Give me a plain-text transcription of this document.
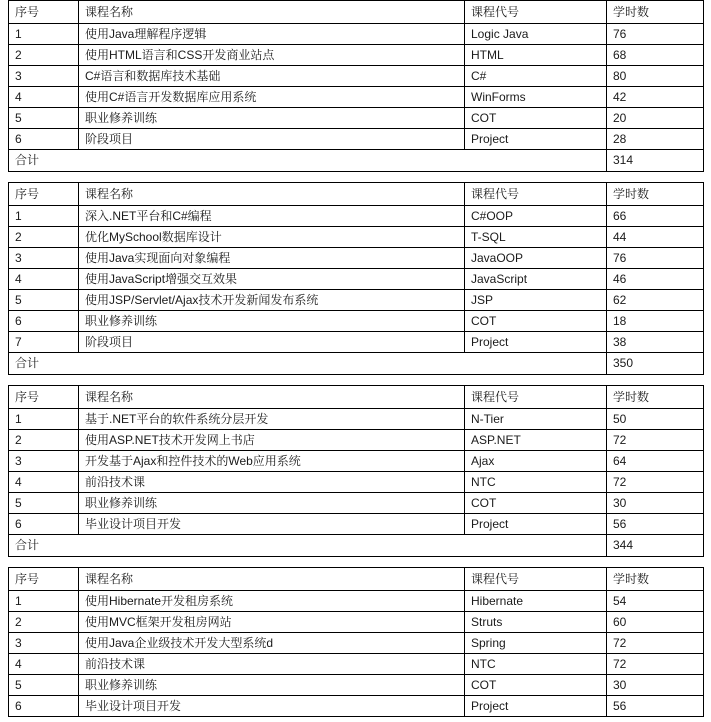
序号	课程名称	课程代号	学时数
1	使用Java理解程序逻辑	Logic Java	76
2	使用HTML语言和CSS开发商业站点	HTML	68
3	C#语言和数据库技术基础	C#	80
4	使用C#语言开发数据库应用系统	WinForms	42
5	职业修养训练	COT	20
6	阶段项目	Project	28
合计			314
序号	课程名称	课程代号	学时数
1	深入.NET平台和C#编程	C#OOP	66
2	优化MySchool数据库设计	T-SQL	44
3	使用Java实现面向对象编程	JavaOOP	76
4	使用JavaScript增强交互效果	JavaScript	46
5	使用JSP/Servlet/Ajax技术开发新闻发布系统	JSP	62
6	职业修养训练	COT	18
7	阶段项目	Project	38
合计			350
序号	课程名称	课程代号	学时数
1	基于.NET平台的软件系统分层开发	N-Tier	50
2	使用ASP.NET技术开发网上书店	ASP.NET	72
3	开发基于Ajax和控件技术的Web应用系统	Ajax	64
4	前沿技术课	NTC	72
5	职业修养训练	COT	30
6	毕业设计项目开发	Project	56
合计			344
序号	课程名称	课程代号	学时数
1	使用Hibernate开发租房系统	Hibernate	54
2	使用MVC框架开发租房网站	Struts	60
3	使用Java企业级技术开发大型系统d	Spring	72
4	前沿技术课	NTC	72
5	职业修养训练	COT	30
6	毕业设计项目开发	Project	56
